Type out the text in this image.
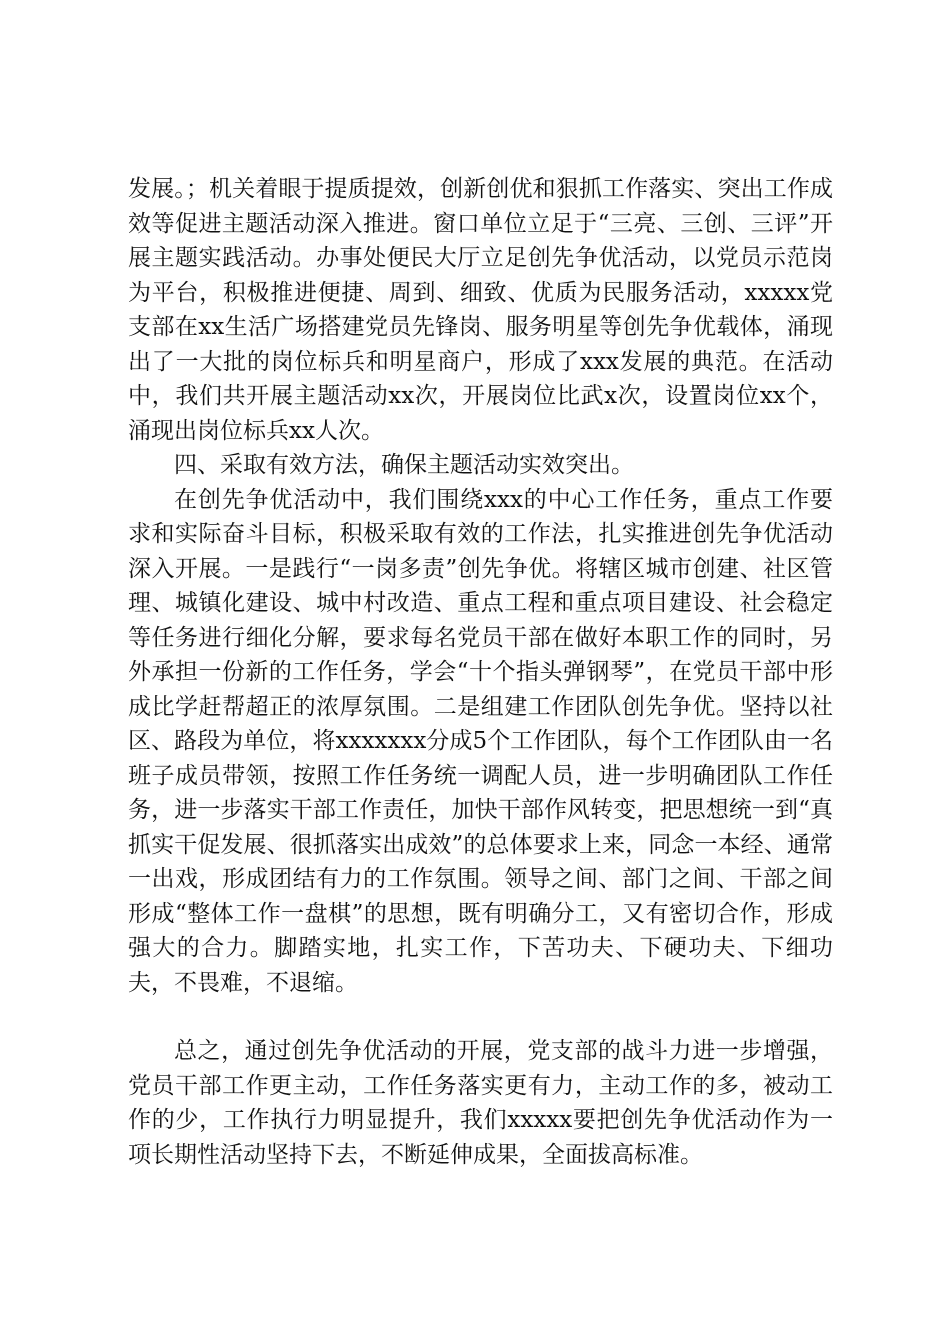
发展。；机关着眼于提质提效，创新创优和狠抓工作落实、突出工作成效等促进主题活动深入推进。窗口单位立足于“三亮、三创、三评”开展主题实践活动。办事处便民大厅立足创先争优活动，以党员示范岗为平台，积极推进便捷、周到、细致、优质为民服务活动，xxxxx党支部在xx生活广场搭建党员先锋岗、服务明星等创先争优载体，涌现出了一大批的岗位标兵和明星商户，形成了xxx发展的典范。在活动中，我们共开展主题活动xx次，开展岗位比武x次，设置岗位xx个，涌现出岗位标兵xx人次。

四、采取有效方法，确保主题活动实效突出。

在创先争优活动中，我们围绕xxx的中心工作任务，重点工作要求和实际奋斗目标，积极采取有效的工作法，扎实推进创先争优活动深入开展。一是践行“一岗多责”创先争优。将辖区城市创建、社区管理、城镇化建设、城中村改造、重点工程和重点项目建设、社会稳定等任务进行细化分解，要求每名党员干部在做好本职工作的同时，另外承担一份新的工作任务，学会“十个指头弹钢琴”，在党员干部中形成比学赶帮超正的浓厚氛围。二是组建工作团队创先争优。坚持以社区、路段为单位，将xxxxxxx分成5个工作团队，每个工作团队由一名班子成员带领，按照工作任务统一调配人员，进一步明确团队工作任务，进一步落实干部工作责任，加快干部作风转变，把思想统一到“真抓实干促发展、很抓落实出成效”的总体要求上来，同念一本经、通常一出戏，形成团结有力的工作氛围。领导之间、部门之间、干部之间形成“整体工作一盘棋”的思想，既有明确分工，又有密切合作，形成强大的合力。脚踏实地，扎实工作，下苦功夫、下硬功夫、下细功夫，不畏难，不退缩。

总之，通过创先争优活动的开展，党支部的战斗力进一步增强，党员干部工作更主动，工作任务落实更有力，主动工作的多，被动工作的少，工作执行力明显提升，我们xxxxx要把创先争优活动作为一项长期性活动坚持下去，不断延伸成果，全面拔高标准。
